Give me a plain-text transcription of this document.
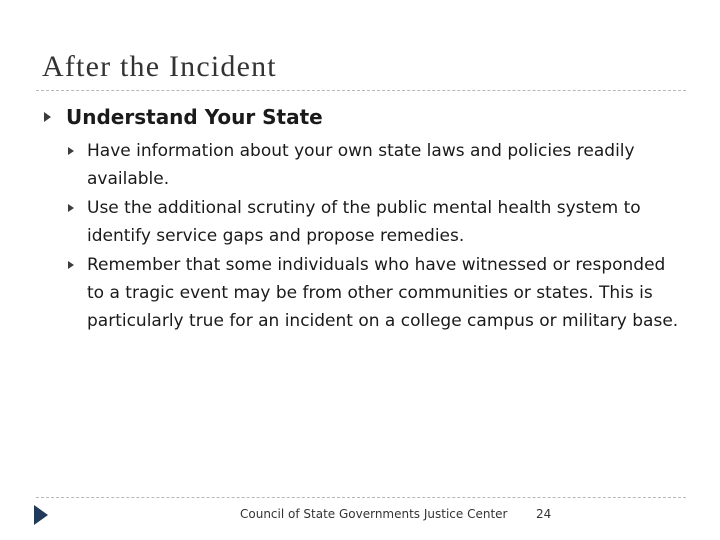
After the Incident
Understand Your State
Have information about your own state laws and policies readily available.
Use the additional scrutiny of the public mental health system to identify service gaps and propose remedies.
Remember that some individuals who have witnessed or responded to a tragic event may be from other communities or states. This is particularly true for an incident on a college campus or military base.
Council of State Governments Justice Center 24
